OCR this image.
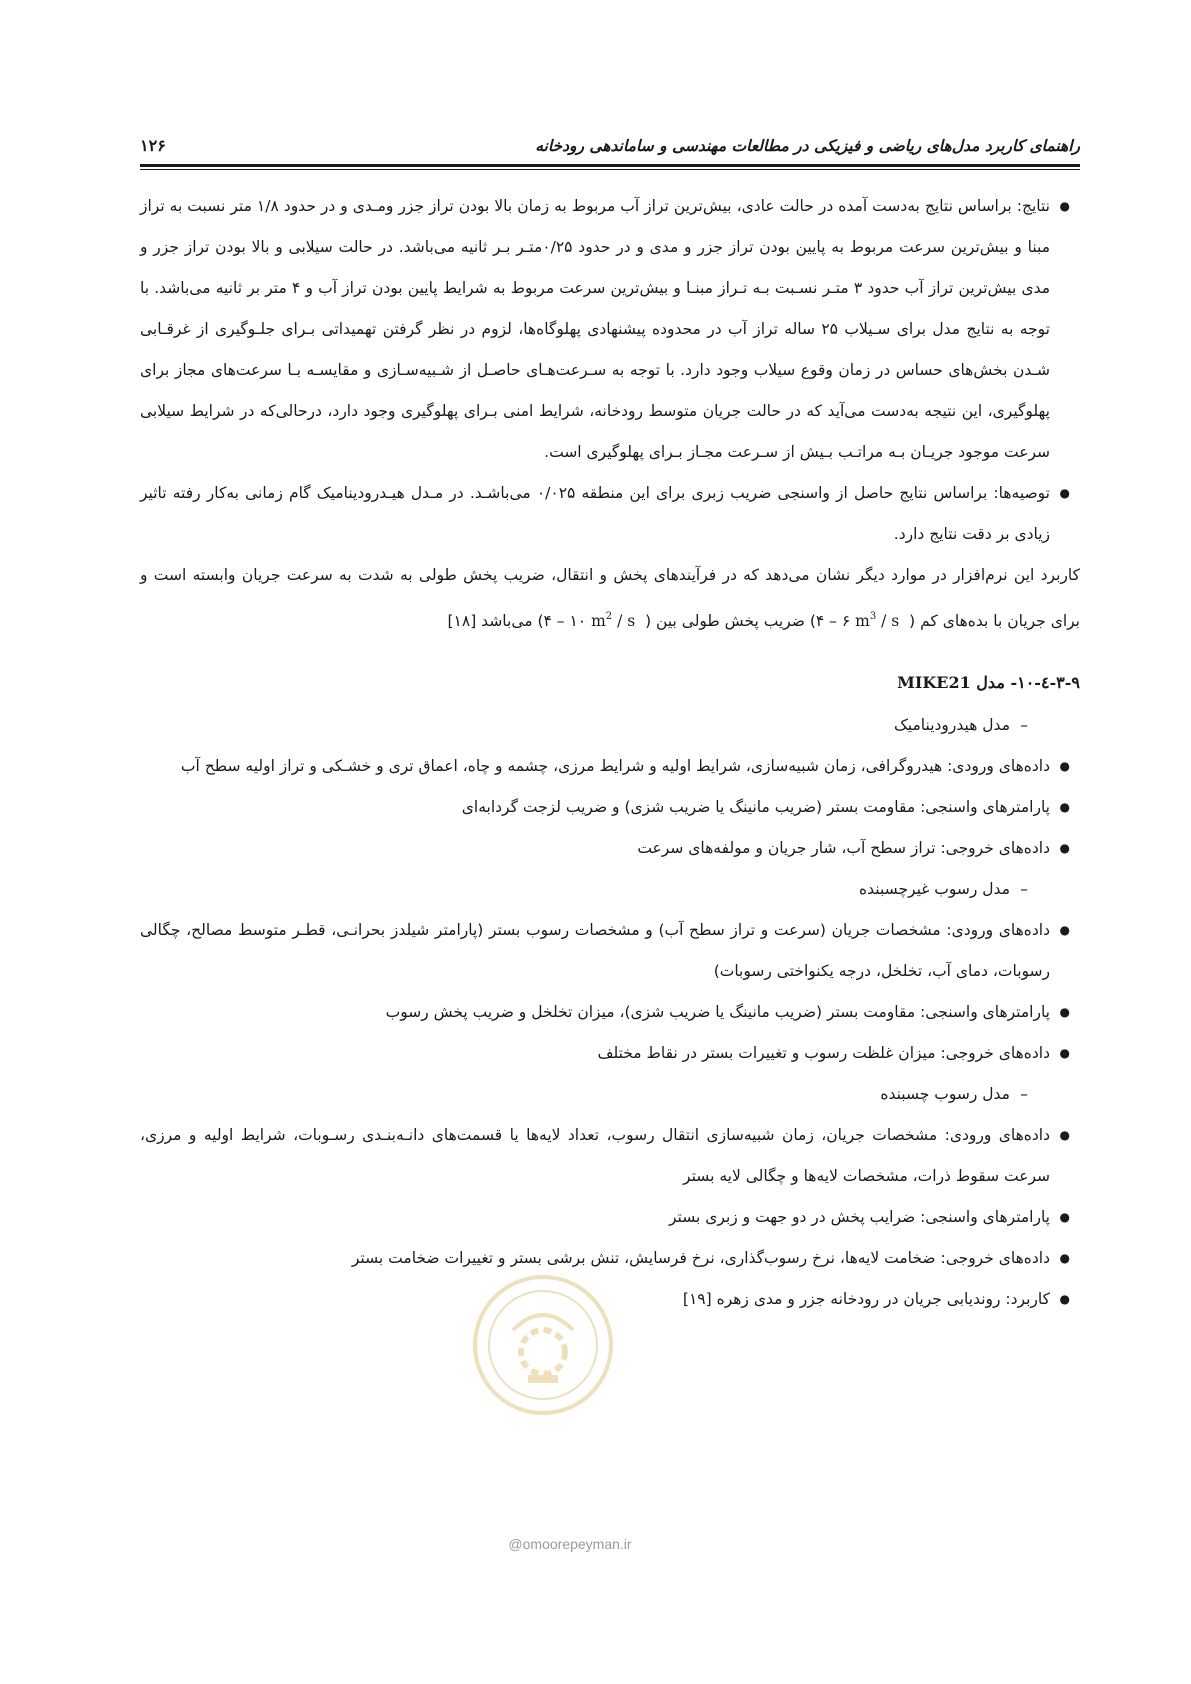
راهنمای کاربرد مدل‌های ریاضی و فیزیکی در مطالعات مهندسی و ساماندهی رودخانه
۱۲۶
●
نتایج: براساس نتایج به‌دست آمده در حالت عادی، بیش‌ترین تراز آب مربوط به زمان بالا بودن تراز جزر ومـدی و در حدود ۱/۸ متر نسبت به تراز مبنا و بیش‌ترین سرعت مربوط به پایین بودن تراز جزر و مدی و در حدود ۰/۲۵متـر بـر ثانیه می‌باشد. در حالت سیلابی و بالا بودن تراز جزر و مدی بیش‌ترین تراز آب حدود ۳ متـر نسـبت بـه تـراز مبنـا و بیش‌ترین سرعت مربوط به شرایط پایین بودن تراز آب و ۴ متر بر ثانیه می‌باشد. با توجه به نتایج مدل برای سـیلاب ۲۵ ساله تراز آب در محدوده پیشنهادی پهلوگاه‌ها، لزوم در نظر گرفتن تهمیداتی بـرای جلـوگیری از غرقـابی شـدن بخش‌های حساس در زمان وقوع سیلاب وجود دارد. با توجه به سـرعت‌هـای حاصـل از شـبیه‌سـازی و مقایسـه بـا سرعت‌های مجاز برای پهلوگیری، این نتیجه به‌دست می‌آید که در حالت جریان متوسط رودخانه، شرایط امنی بـرای پهلوگیری وجود دارد، درحالی‌که در شرایط سیلابی سرعت موجود جریـان بـه مراتـب بـیش از سـرعت مجـاز بـرای پهلوگیری است.
●
توصیه‌ها: براساس نتایج حاصل از واسنجی ضریب زبری برای این منطقه ۰/۰۲۵ می‌باشـد. در مـدل هیـدرودینامیک گام زمانی به‌کار رفته تاثیر زیادی بر دقت نتایج دارد.
کاربرد این نرم‌افزار در موارد دیگر نشان می‌دهد که در فرآیندهای پخش و انتقال، ضریب پخش طولی به شدت به سرعت جریان وابسته است و برای جریان با بده‌های کم ( ۴ – ۶ $m^3$ / s ) ضریب پخش طولی بین ( ۴ – ۱۰ $m^2$ / s ) می‌باشد [۱۸]
۳-۹-٤-۱۰- مدل MIKE21
–
مدل هیدرودینامیک
●
داده‌های ورودی: هیدروگرافی، زمان شبیه‌سازی، شرایط اولیه و شرایط مرزی، چشمه و چاه، اعماق تری و خشـکی و تراز اولیه سطح آب
●
پارامترهای واسنجی: مقاومت بستر (ضریب مانینگ یا ضریب شزی) و ضریب لزجت گردابه‌ای
●
داده‌های خروجی: تراز سطح آب، شار جریان و مولفه‌های سرعت
–
مدل رسوب غیرچسبنده
●
داده‌های ورودی: مشخصات جریان (سرعت و تراز سطح آب) و مشخصات رسوب بستر (پارامتر شیلدز بحرانـی، قطـر متوسط مصالح، چگالی رسوبات، دمای آب، تخلخل، درجه یکنواختی رسوبات)
●
پارامترهای واسنجی: مقاومت بستر (ضریب مانینگ یا ضریب شزی)، میزان تخلخل و ضریب پخش رسوب
●
داده‌های خروجی: میزان غلظت رسوب و تغییرات بستر در نقاط مختلف
–
مدل رسوب چسبنده
●
داده‌های ورودی: مشخصات جریان، زمان شبیه‌سازی انتقال رسوب، تعداد لایه‌ها یا قسمت‌های دانـه‌بنـدی رسـوبات، شرایط اولیه و مرزی، سرعت سقوط ذرات، مشخصات لایه‌ها و چگالی لایه بستر
●
پارامترهای واسنجی: ضرایب پخش در دو جهت و زبری بستر
●
داده‌های خروجی: ضخامت لایه‌ها، نرخ رسوب‌گذاری، نرخ فرسایش، تنش برشی بستر و تغییرات ضخامت بستر
●
کاربرد: روندیابی جریان در رودخانه جزر و مدی زهره [۱۹]
@omoorepeyman.ir
